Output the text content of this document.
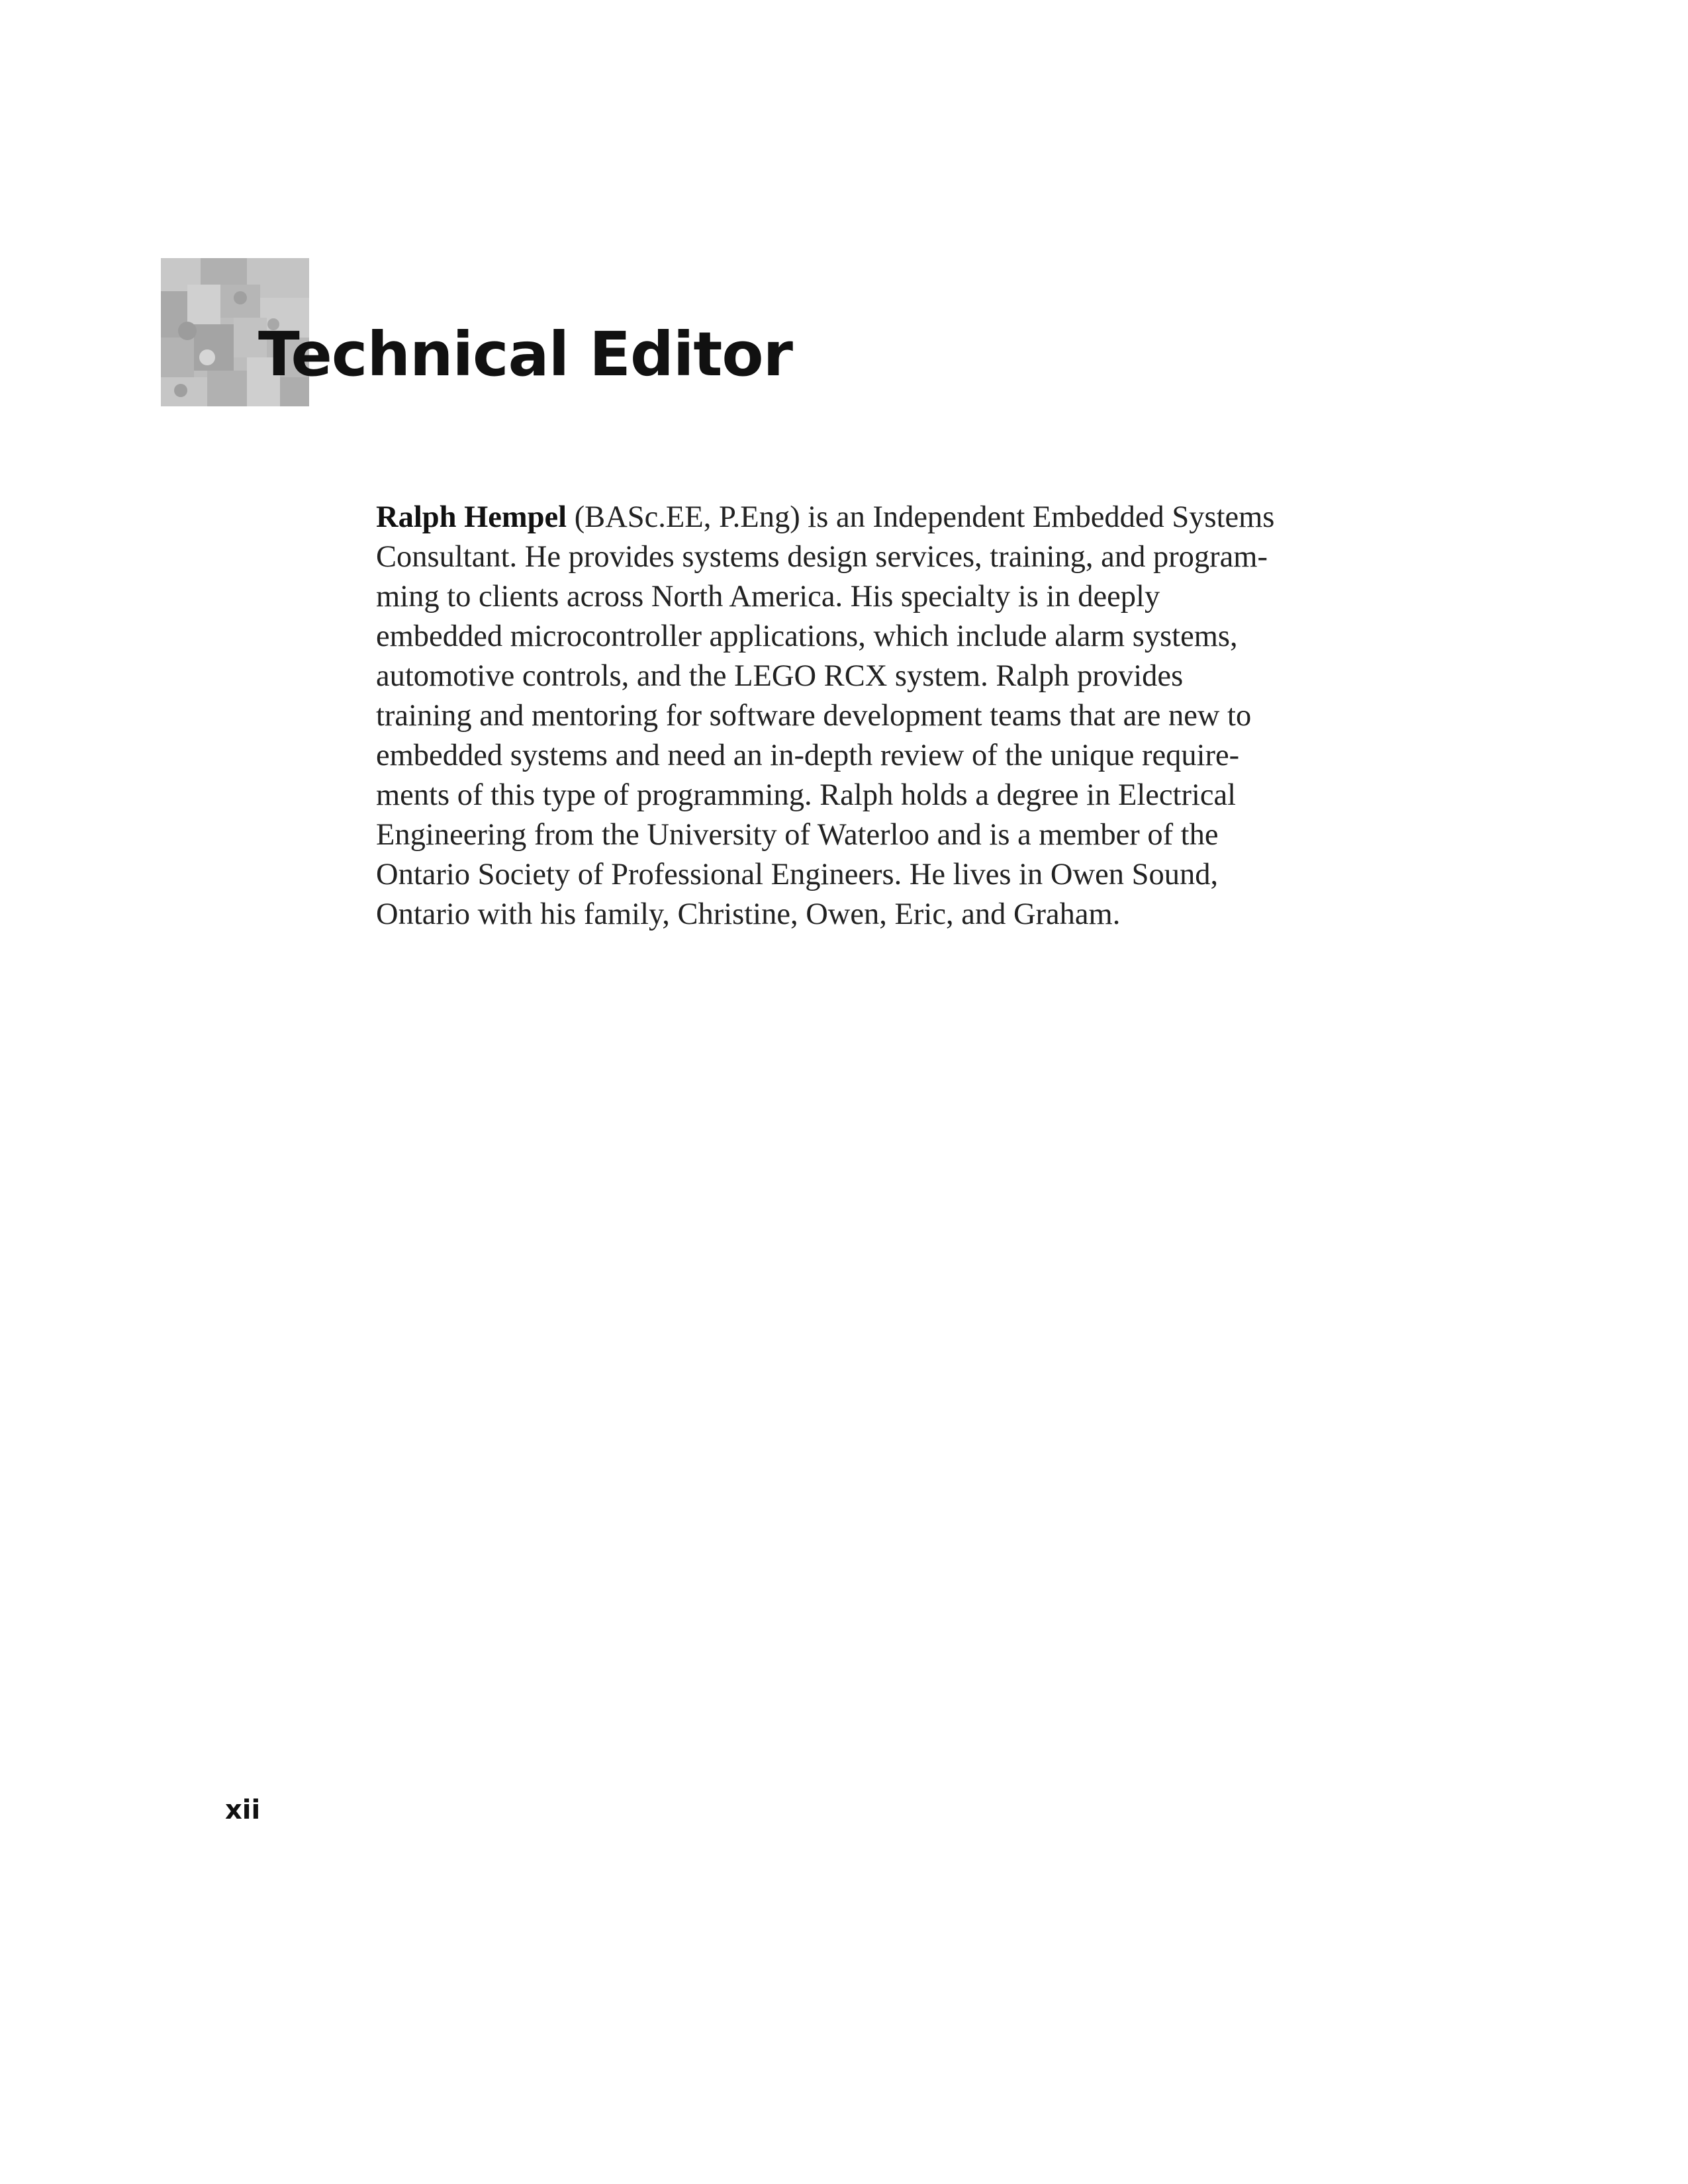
Technical Editor
Ralph Hempel (BASc.EE, P.Eng) is an Independent Embedded Systems
Consultant. He provides systems design services, training, and program-
ming to clients across North America. His specialty is in deeply
embedded microcontroller applications, which include alarm systems,
automotive controls, and the LEGO RCX system. Ralph provides
training and mentoring for software development teams that are new to
embedded systems and need an in-depth review of the unique require-
ments of this type of programming. Ralph holds a degree in Electrical
Engineering from the University of Waterloo and is a member of the
Ontario Society of Professional Engineers. He lives in Owen Sound,
Ontario with his family, Christine, Owen, Eric, and Graham.
xii
